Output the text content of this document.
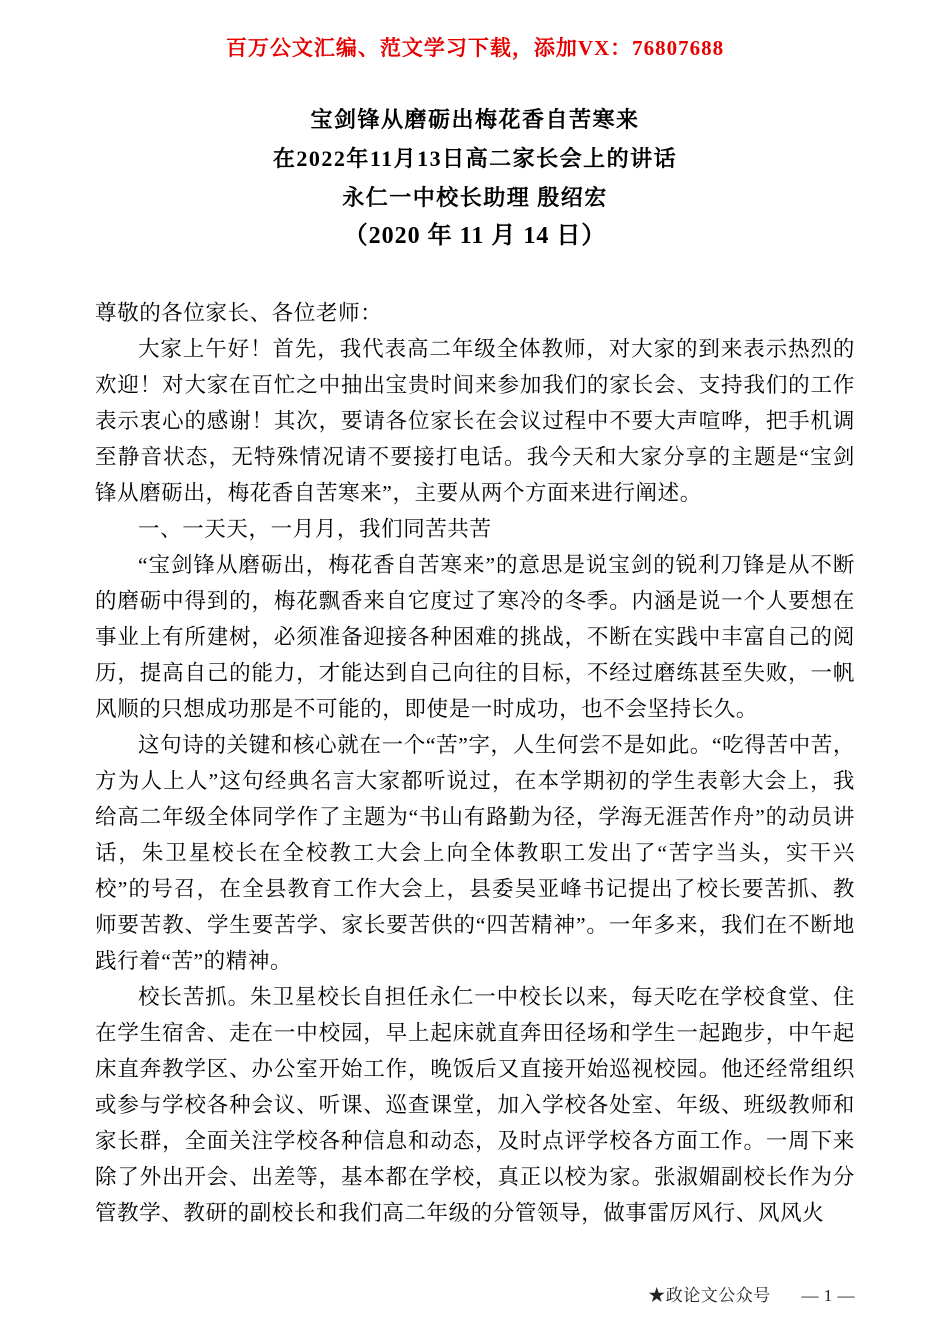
百万公文汇编、范文学习下载，添加VX：76807688
宝剑锋从磨砺出梅花香自苦寒来
在2022年11月13日高二家长会上的讲话
永仁一中校长助理 殷绍宏
（2020 年 11 月 14 日）

尊敬的各位家长、各位老师：

大家上午好！首先，我代表高二年级全体教师，对大家的到来表示热烈的欢迎！对大家在百忙之中抽出宝贵时间来参加我们的家长会、支持我们的工作表示衷心的感谢！其次，要请各位家长在会议过程中不要大声喧哗，把手机调至静音状态，无特殊情况请不要接打电话。我今天和大家分享的主题是“宝剑锋从磨砺出，梅花香自苦寒来”，主要从两个方面来进行阐述。

一、一天天，一月月，我们同苦共苦

“宝剑锋从磨砺出，梅花香自苦寒来”的意思是说宝剑的锐利刀锋是从不断的磨砺中得到的，梅花飘香来自它度过了寒冷的冬季。内涵是说一个人要想在事业上有所建树，必须准备迎接各种困难的挑战，不断在实践中丰富自己的阅历，提高自己的能力，才能达到自己向往的目标，不经过磨练甚至失败，一帆风顺的只想成功那是不可能的，即使是一时成功，也不会坚持长久。

这句诗的关键和核心就在一个“苦”字，人生何尝不是如此。“吃得苦中苦，方为人上人”这句经典名言大家都听说过，在本学期初的学生表彰大会上，我给高二年级全体同学作了主题为“书山有路勤为径，学海无涯苦作舟”的动员讲话，朱卫星校长在全校教工大会上向全体教职工发出了“苦字当头，实干兴校”的号召，在全县教育工作大会上，县委吴亚峰书记提出了校长要苦抓、教师要苦教、学生要苦学、家长要苦供的“四苦精神”。一年多来，我们在不断地践行着“苦”的精神。

校长苦抓。朱卫星校长自担任永仁一中校长以来，每天吃在学校食堂、住在学生宿舍、走在一中校园，早上起床就直奔田径场和学生一起跑步，中午起床直奔教学区、办公室开始工作，晚饭后又直接开始巡视校园。他还经常组织或参与学校各种会议、听课、巡查课堂，加入学校各处室、年级、班级教师和家长群，全面关注学校各种信息和动态，及时点评学校各方面工作。一周下来除了外出开会、出差等，基本都在学校，真正以校为家。张淑媚副校长作为分管教学、教研的副校长和我们高二年级的分管领导，做事雷厉风行、风风火

★政论文公众号 — 1 —
